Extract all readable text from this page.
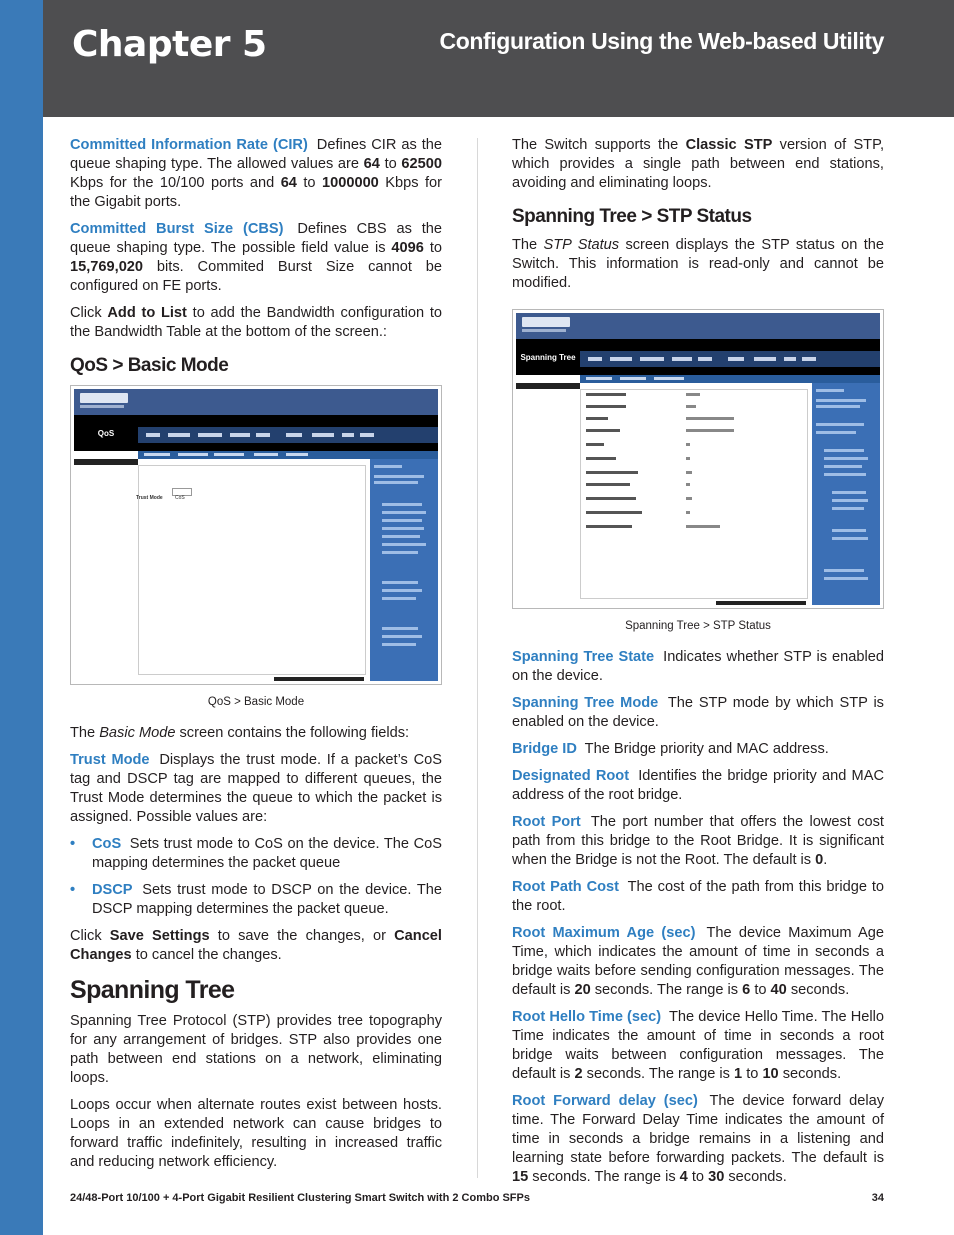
Chapter 5	Configuration Using the Web-based Utility

Committed Information Rate (CIR) Defines CIR as the queue shaping type. The allowed values are 64 to 62500 Kbps for the 10/100 ports and 64 to 1000000 Kbps for the Gigabit ports.

Committed Burst Size (CBS) Defines CBS as the queue shaping type. The possible field value is 4096 to 15,769,020 bits. Commited Burst Size cannot be configured on FE ports.

Click Add to List to add the Bandwidth configuration to the Bandwidth Table at the bottom of the screen.:

QoS > Basic Mode
QoS
Trust Mode	CoS
QoS > Basic Mode

The Basic Mode screen contains the following fields:

Trust Mode Displays the trust mode. If a packet’s CoS tag and DSCP tag are mapped to different queues, the Trust Mode determines the queue to which the packet is assigned. Possible values are:

• CoS Sets trust mode to CoS on the device. The CoS mapping determines the packet queue
• DSCP Sets trust mode to DSCP on the device. The DSCP mapping determines the packet queue.

Click Save Settings to save the changes, or Cancel Changes to cancel the changes.

Spanning Tree

Spanning Tree Protocol (STP) provides tree topography for any arrangement of bridges. STP also provides one path between end stations on a network, eliminating loops.

Loops occur when alternate routes exist between hosts. Loops in an extended network can cause bridges to forward traffic indefinitely, resulting in increased traffic and reducing network efficiency.

The Switch supports the Classic STP version of STP, which provides a single path between end stations, avoiding and eliminating loops.

Spanning Tree > STP Status

The STP Status screen displays the STP status on the Switch. This information is read-only and cannot be modified.

Spanning Tree
Spanning Tree > STP Status

Spanning Tree State Indicates whether STP is enabled on the device.

Spanning Tree Mode The STP mode by which STP is enabled on the device.

Bridge ID The Bridge priority and MAC address.

Designated Root Identifies the bridge priority and MAC address of the root bridge.

Root Port The port number that offers the lowest cost path from this bridge to the Root Bridge. It is significant when the Bridge is not the Root. The default is 0.

Root Path Cost The cost of the path from this bridge to the root.

Root Maximum Age (sec) The device Maximum Age Time, which indicates the amount of time in seconds a bridge waits before sending configuration messages. The default is 20 seconds. The range is 6 to 40 seconds.

Root Hello Time (sec) The device Hello Time. The Hello Time indicates the amount of time in seconds a root bridge waits between configuration messages. The default is 2 seconds. The range is 1 to 10 seconds.

Root Forward delay (sec) The device forward delay time. The Forward Delay Time indicates the amount of time in seconds a bridge remains in a listening and learning state before forwarding packets. The default is 15 seconds. The range is 4 to 30 seconds.

24/48-Port 10/100 + 4-Port Gigabit Resilient Clustering Smart Switch with 2 Combo SFPs	34
